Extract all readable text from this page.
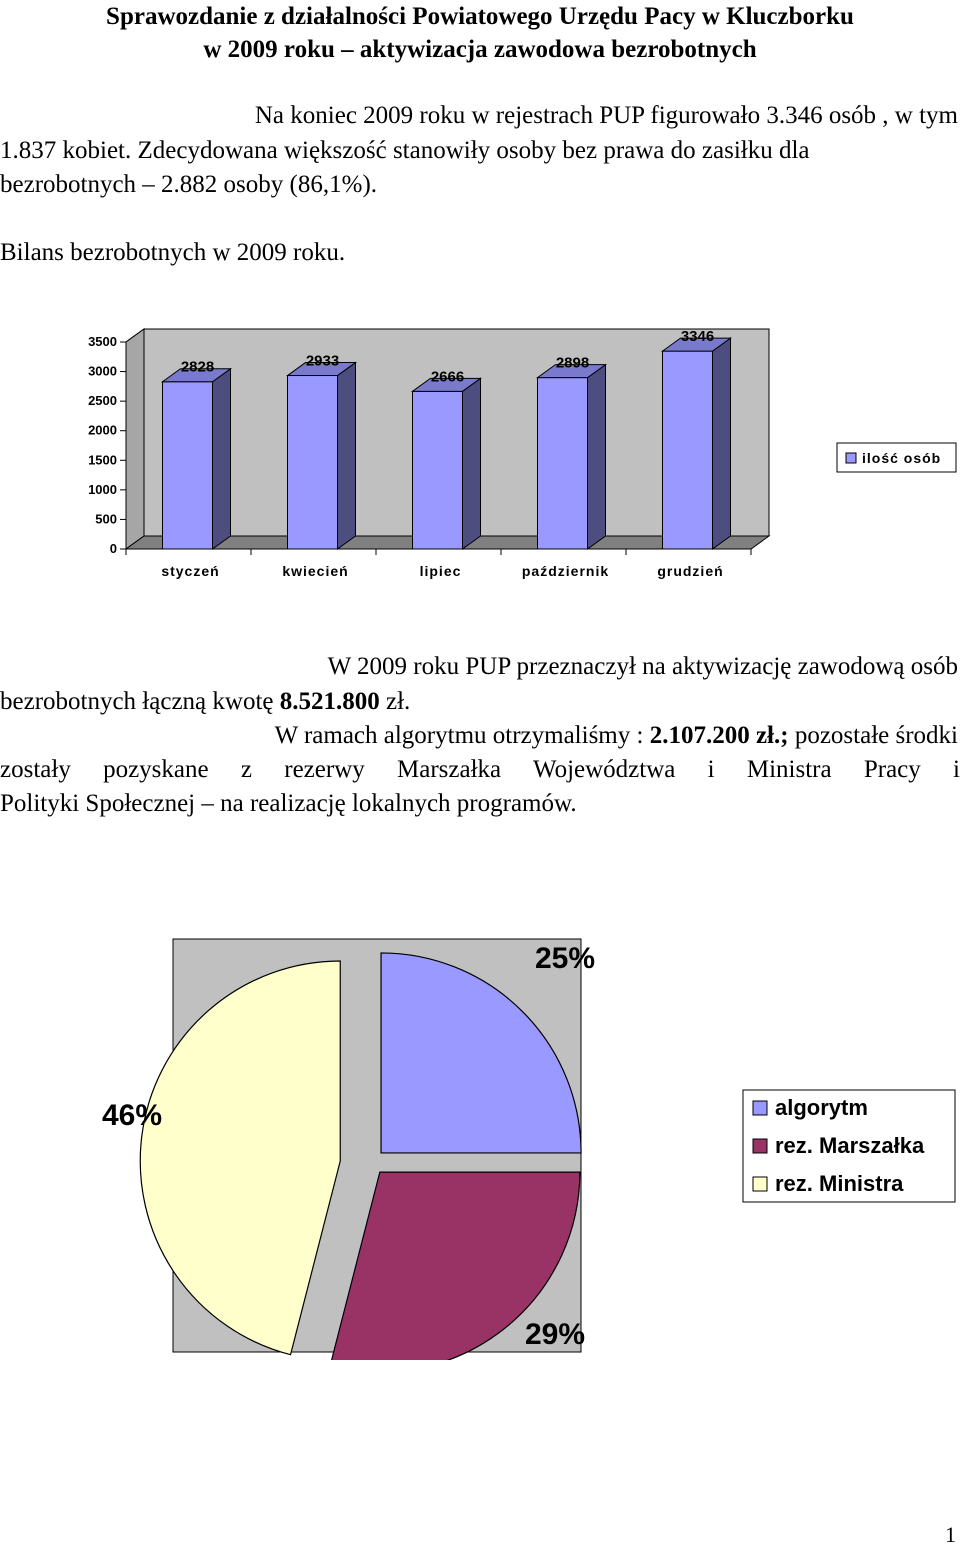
Sprawozdanie z działalności Powiatowego Urzędu Pacy w Kluczborku
w 2009 roku – aktywizacja zawodowa bezrobotnych
Na koniec 2009 roku w rejestrach PUP figurowało 3.346 osób , w tym
1.837 kobiet. Zdecydowana większość stanowiły osoby bez prawa do zasiłku dla
bezrobotnych – 2.882 osoby (86,1%).
Bilans bezrobotnych w 2009 roku.
0
500
1000
1500
2000
2500
3000
3500
2828
styczeń
2933
kwiecień
2666
lipiec
2898
październik
3346
grudzień
ilość osób
W 2009 roku PUP przeznaczył na aktywizację zawodową osób
bezrobotnych łączną kwotę 8.521.800 zł.
W ramach algorytmu otrzymaliśmy : 2.107.200 zł.; pozostałe środki
zostały pozyskane z rezerwy Marszałka Województwa i Ministra Pracy i
Polityki Społecznej – na realizację lokalnych programów.
25%
29%
46%	algorytm
rez. Marszałka
rez. Ministra
1
